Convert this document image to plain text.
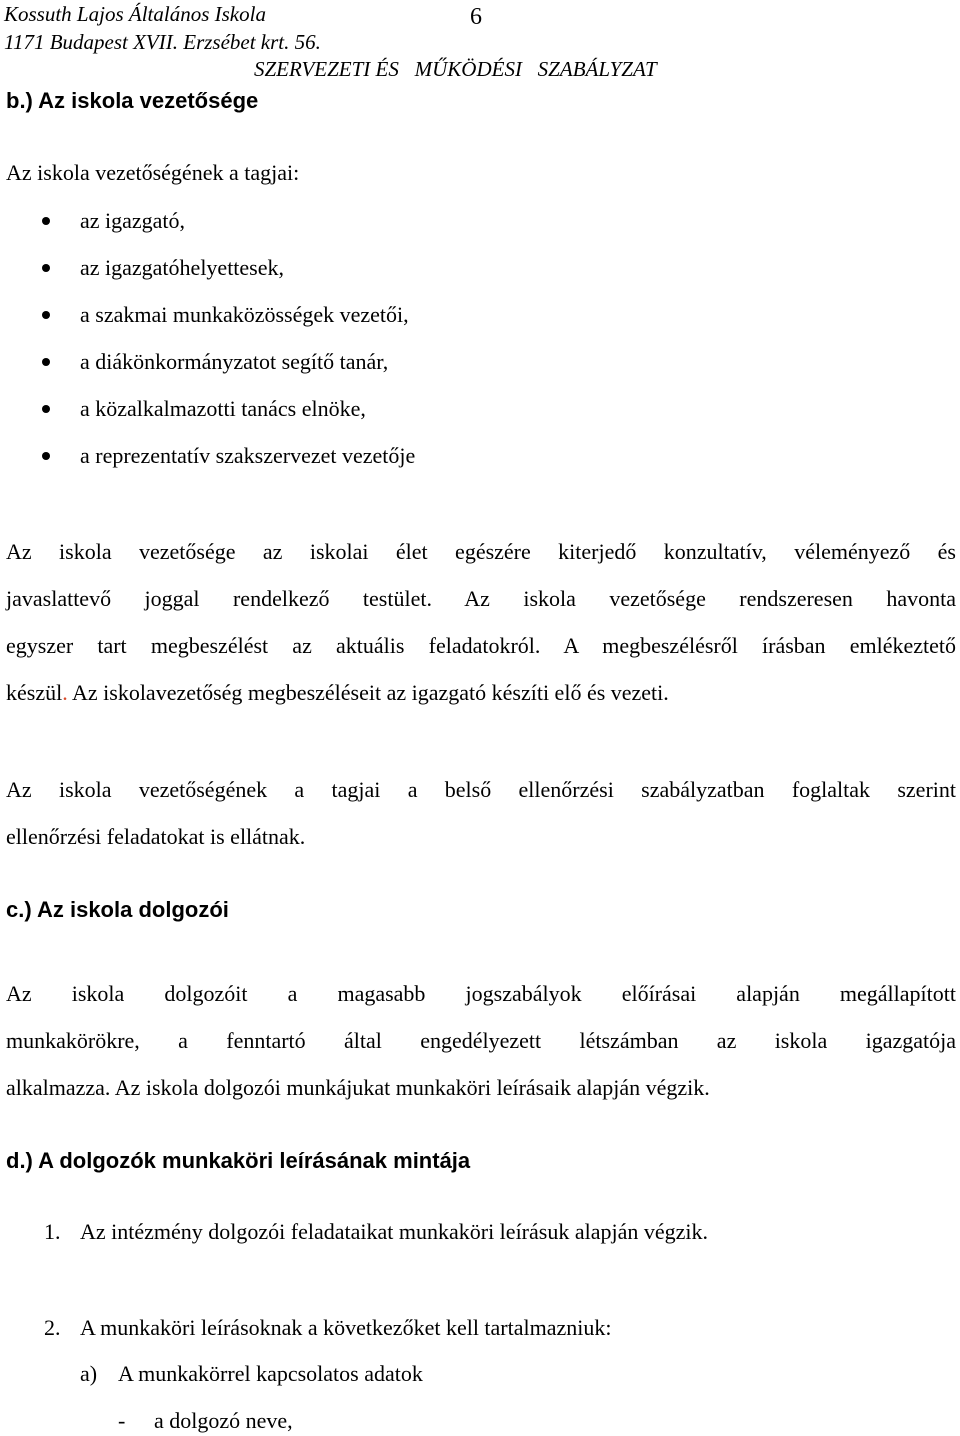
Kossuth Lajos Általános Iskola
1171 Budapest XVII. Erzsébet krt. 56.
6
SZERVEZETI ÉS   MŰKÖDÉSI   SZABÁLYZAT
b.) Az iskola vezetősége
Az iskola vezetőségének a tagjai:
az igazgató,
az igazgatóhelyettesek,
a szakmai munkaközösségek vezetői,
a diákönkormányzatot segítő tanár,
a közalkalmazotti tanács elnöke,
a reprezentatív szakszervezet vezetője
Az iskola vezetősége az iskolai élet egészére kiterjedő konzultatív, véleményező és
javaslattevő joggal rendelkező testület. Az iskola vezetősége rendszeresen havonta
egyszer tart megbeszélést az aktuális feladatokról. A megbeszélésről írásban emlékeztető
készül. Az iskolavezetőség megbeszéléseit az igazgató készíti elő és vezeti.
Az iskola vezetőségének a tagjai a belső ellenőrzési szabályzatban foglaltak szerint
ellenőrzési feladatokat is ellátnak.
c.) Az iskola dolgozói
Az iskola dolgozóit a magasabb jogszabályok előírásai alapján megállapított
munkakörökre, a fenntartó által engedélyezett létszámban az iskola igazgatója
alkalmazza. Az iskola dolgozói munkájukat munkaköri leírásaik alapján végzik.
d.) A dolgozók munkaköri leírásának mintája
1. Az intézmény dolgozói feladataikat munkaköri leírásuk alapján végzik.
2. A munkaköri leírásoknak a következőket kell tartalmazniuk:
a) A munkakörrel kapcsolatos adatok
- a dolgozó neve,
